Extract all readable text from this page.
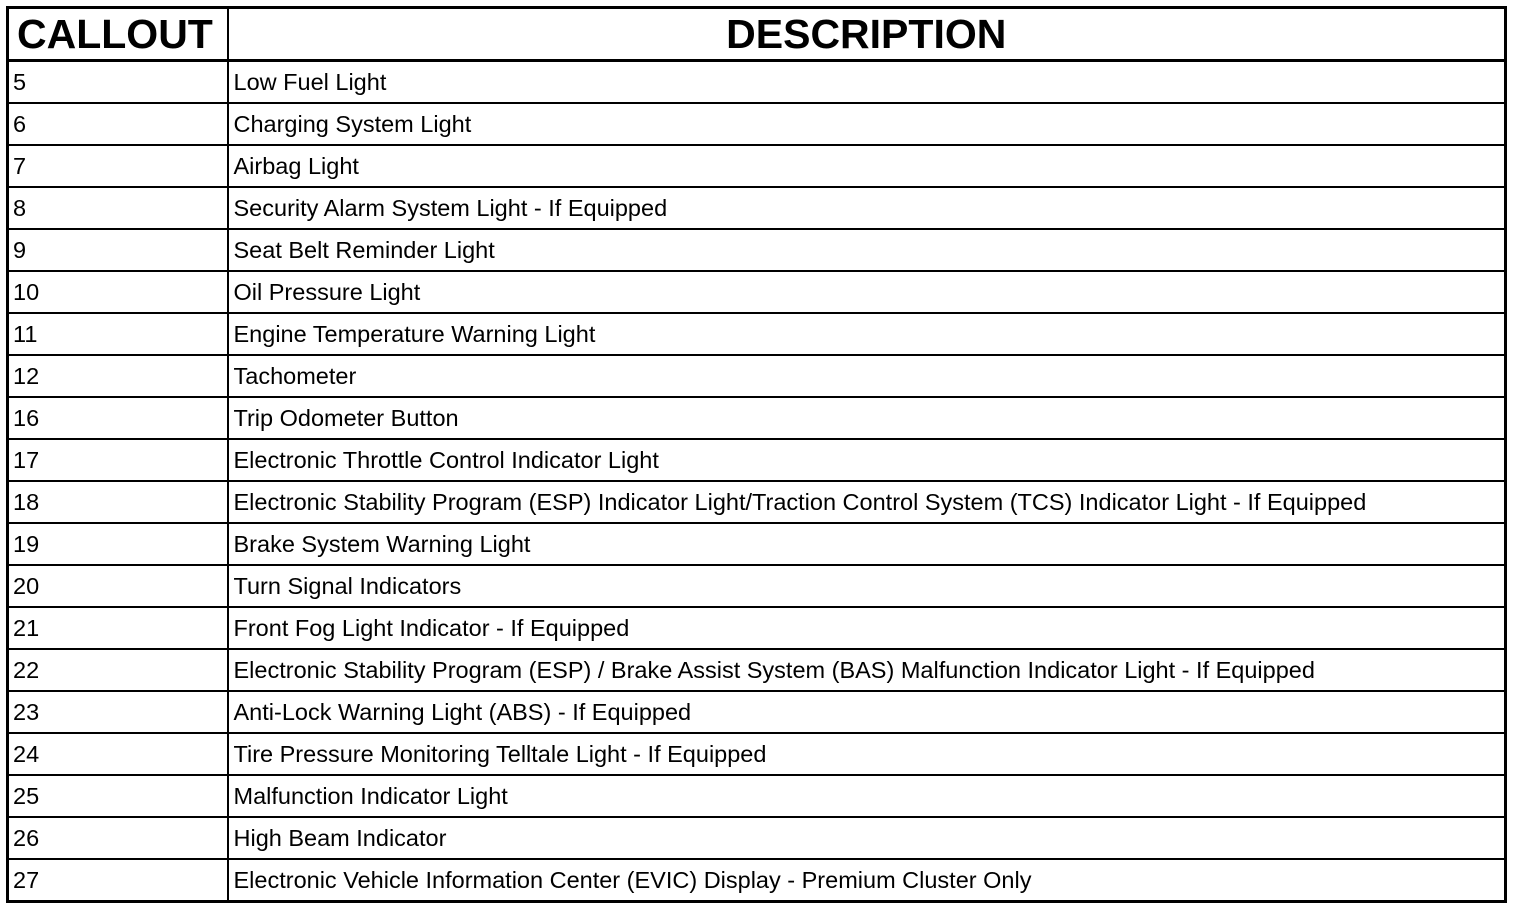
CALLOUT	DESCRIPTION
5	Low Fuel Light
6	Charging System Light
7	Airbag Light
8	Security Alarm System Light - If Equipped
9	Seat Belt Reminder Light
10	Oil Pressure Light
11	Engine Temperature Warning Light
12	Tachometer
16	Trip Odometer Button
17	Electronic Throttle Control Indicator Light
18	Electronic Stability Program (ESP) Indicator Light/Traction Control System (TCS) Indicator Light - If Equipped
19	Brake System Warning Light
20	Turn Signal Indicators
21	Front Fog Light Indicator - If Equipped
22	Electronic Stability Program (ESP) / Brake Assist System (BAS) Malfunction Indicator Light - If Equipped
23	Anti-Lock Warning Light (ABS) - If Equipped
24	Tire Pressure Monitoring Telltale Light - If Equipped
25	Malfunction Indicator Light
26	High Beam Indicator
27	Electronic Vehicle Information Center (EVIC) Display - Premium Cluster Only
